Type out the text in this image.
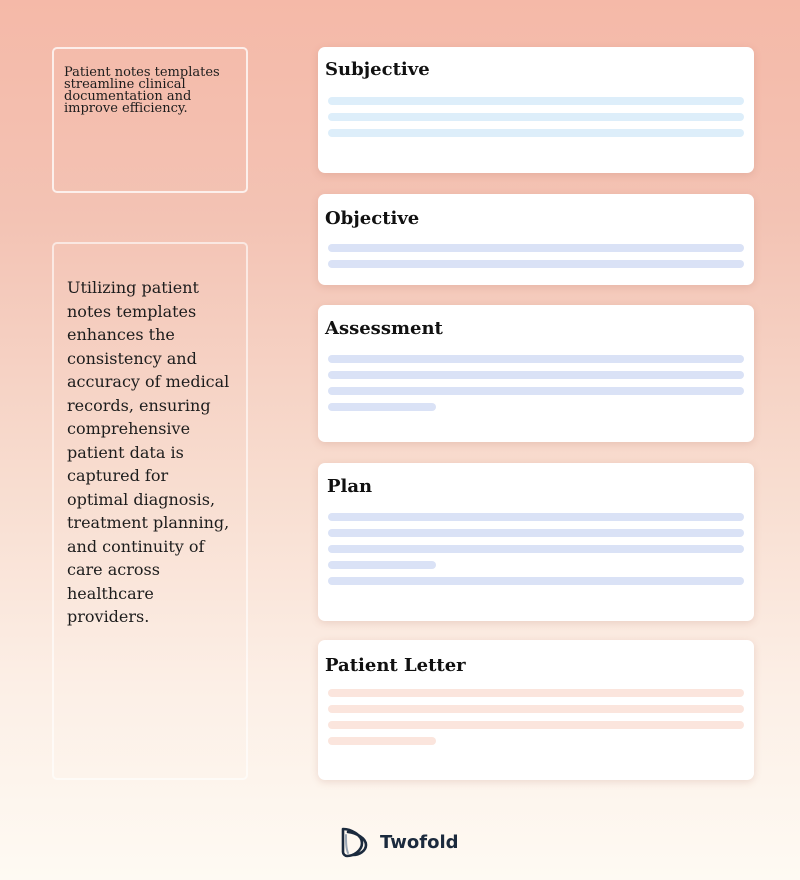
Patient notes templates streamline clinical documentation and improve efficiency.

Utilizing patient notes templates enhances the consistency and accuracy of medical records, ensuring comprehensive patient data is captured for optimal diagnosis, treatment planning, and continuity of care across healthcare providers.

Subjective
Objective
Assessment
Plan
Patient Letter
Twofold
